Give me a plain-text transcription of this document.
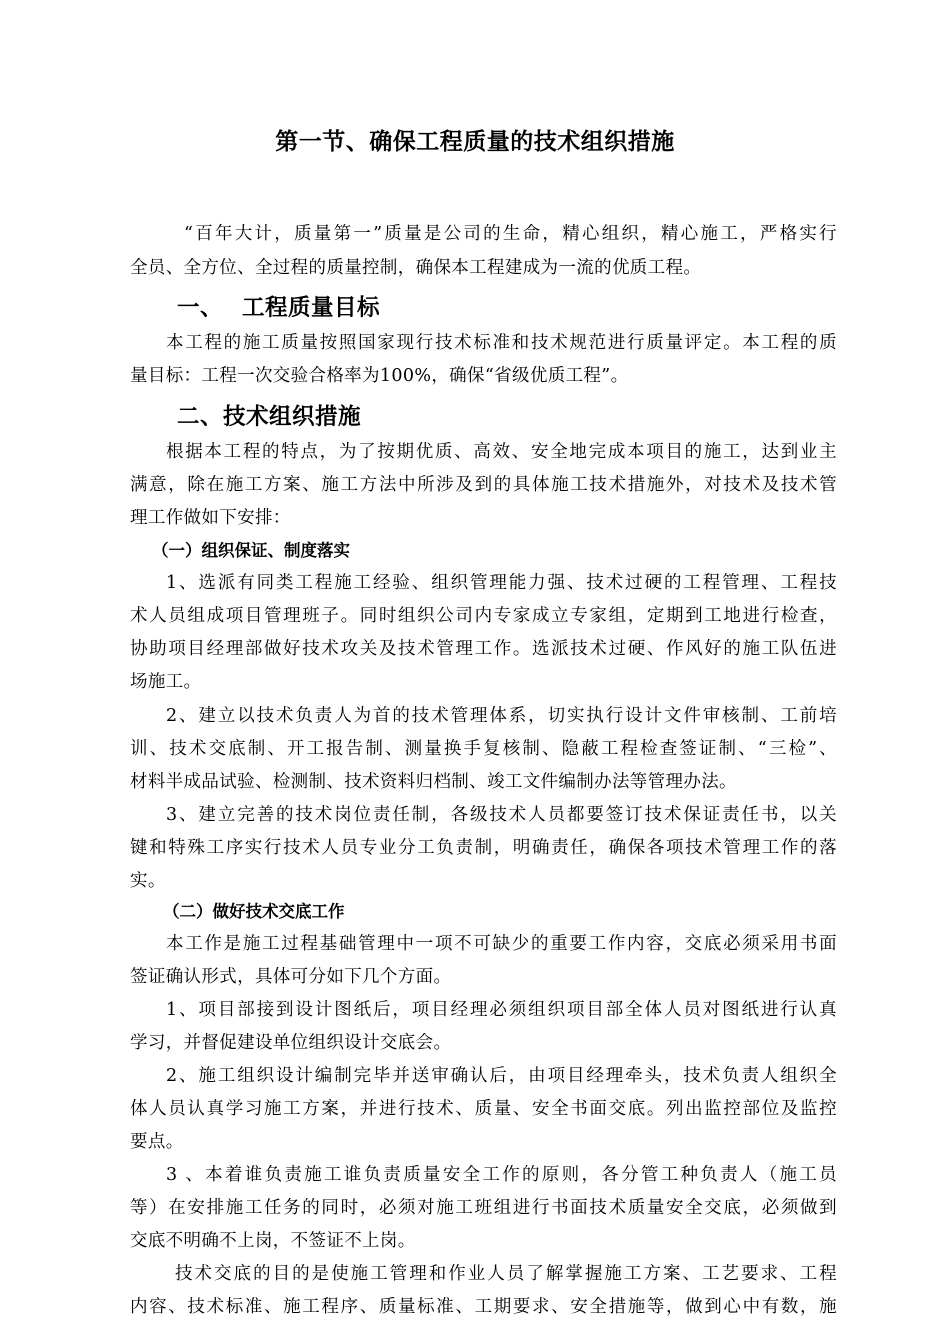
第一节、确保工程质量的技术组织措施
“百年大计，质量第一”质量是公司的生命，精心组织，精心施工，严格实行
全员、全方位、全过程的质量控制，确保本工程建成为一流的优质工程。
一、 工程质量目标
本工程的施工质量按照国家现行技术标准和技术规范进行质量评定。本工程的质
量目标：工程一次交验合格率为100%，确保“省级优质工程”。
二、技术组织措施
根据本工程的特点，为了按期优质、高效、安全地完成本项目的施工，达到业主
满意，除在施工方案、施工方法中所涉及到的具体施工技术措施外，对技术及技术管
理工作做如下安排：
（一）组织保证、制度落实
1、选派有同类工程施工经验、组织管理能力强、技术过硬的工程管理、工程技
术人员组成项目管理班子。同时组织公司内专家成立专家组，定期到工地进行检查，
协助项目经理部做好技术攻关及技术管理工作。选派技术过硬、作风好的施工队伍进
场施工。
2、建立以技术负责人为首的技术管理体系，切实执行设计文件审核制、工前培
训、技术交底制、开工报告制、测量换手复核制、隐蔽工程检查签证制、“三检”、
材料半成品试验、检测制、技术资料归档制、竣工文件编制办法等管理办法。
3、建立完善的技术岗位责任制，各级技术人员都要签订技术保证责任书，以关
键和特殊工序实行技术人员专业分工负责制，明确责任，确保各项技术管理工作的落
实。
（二）做好技术交底工作
本工作是施工过程基础管理中一项不可缺少的重要工作内容，交底必须采用书面
签证确认形式，具体可分如下几个方面。
1、项目部接到设计图纸后，项目经理必须组织项目部全体人员对图纸进行认真
学习，并督促建设单位组织设计交底会。
2、施工组织设计编制完毕并送审确认后，由项目经理牵头，技术负责人组织全
体人员认真学习施工方案，并进行技术、质量、安全书面交底。列出监控部位及监控
要点。
3 、本着谁负责施工谁负责质量安全工作的原则，各分管工种负责人（施工员
等）在安排施工任务的同时，必须对施工班组进行书面技术质量安全交底，必须做到
交底不明确不上岗，不签证不上岗。
技术交底的目的是使施工管理和作业人员了解掌握施工方案、工艺要求、工程
内容、技术标准、施工程序、质量标准、工期要求、安全措施等，做到心中有数，施
